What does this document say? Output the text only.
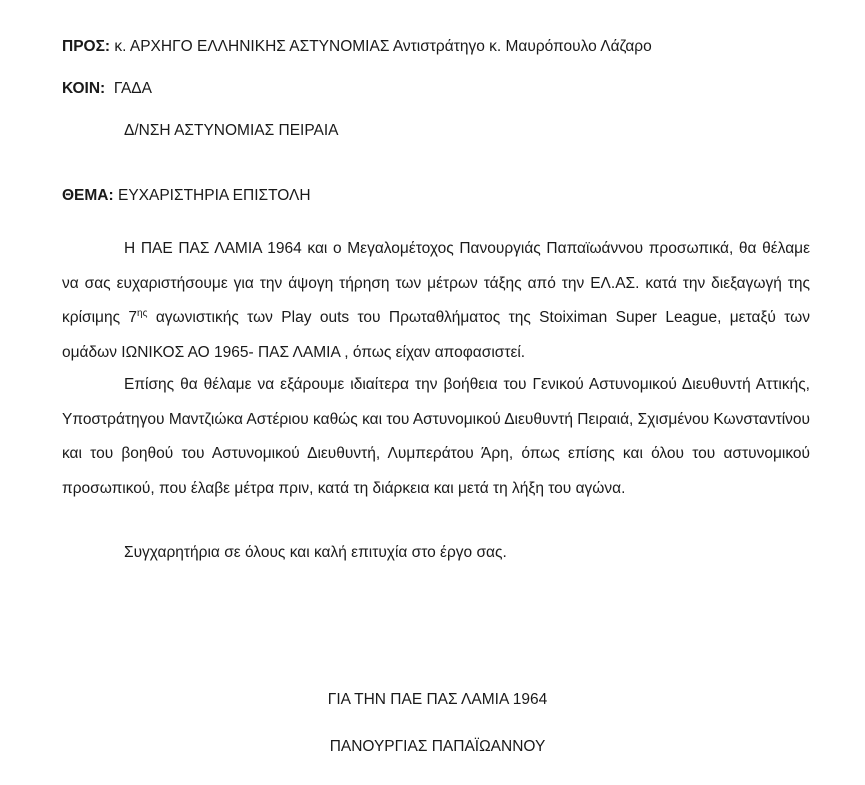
ΠΡΟΣ: κ. ΑΡΧΗΓΟ ΕΛΛΗΝΙΚΗΣ ΑΣΤΥΝΟΜΙΑΣ Αντιστράτηγο κ. Μαυρόπουλο Λάζαρο
ΚΟΙΝ: ΓΑΔΑ
Δ/ΝΣΗ ΑΣΤΥΝΟΜΙΑΣ ΠΕΙΡΑΙΑ
ΘΕΜΑ: ΕΥΧΑΡΙΣΤΗΡΙΑ ΕΠΙΣΤΟΛΗ
Η ΠΑΕ ΠΑΣ ΛΑΜΙΑ 1964 και ο Μεγαλομέτοχος Πανουργιάς Παπαϊωάννου προσωπικά, θα θέλαμε να σας ευχαριστήσουμε για την άψογη τήρηση των μέτρων τάξης από την ΕΛ.ΑΣ. κατά την διεξαγωγή της κρίσιμης $7^{\eta\varsigma}$ αγωνιστικής των Play outs του Πρωταθλήματος της Stoiximan Super League, μεταξύ των ομάδων ΙΩΝΙΚΟΣ ΑΟ 1965- ΠΑΣ ΛΑΜΙΑ , όπως είχαν αποφασιστεί.
Επίσης θα θέλαμε να εξάρουμε ιδιαίτερα την βοήθεια του Γενικού Αστυνομικού Διευθυντή Αττικής, Υποστράτηγου Μαντζιώκα Αστέριου καθώς και του Αστυνομικού Διευθυντή Πειραιά, Σχισμένου Κωνσταντίνου και του βοηθού του Αστυνομικού Διευθυντή, Λυμπεράτου Άρη, όπως επίσης και όλου του αστυνομικού προσωπικού, που έλαβε μέτρα πριν, κατά τη διάρκεια και μετά τη λήξη του αγώνα.
Συγχαρητήρια σε όλους και καλή επιτυχία στο έργο σας.
ΓΙΑ ΤΗΝ ΠΑΕ ΠΑΣ ΛΑΜΙΑ 1964
ΠΑΝΟΥΡΓΙΑΣ ΠΑΠΑΪΩΑΝΝΟΥ
